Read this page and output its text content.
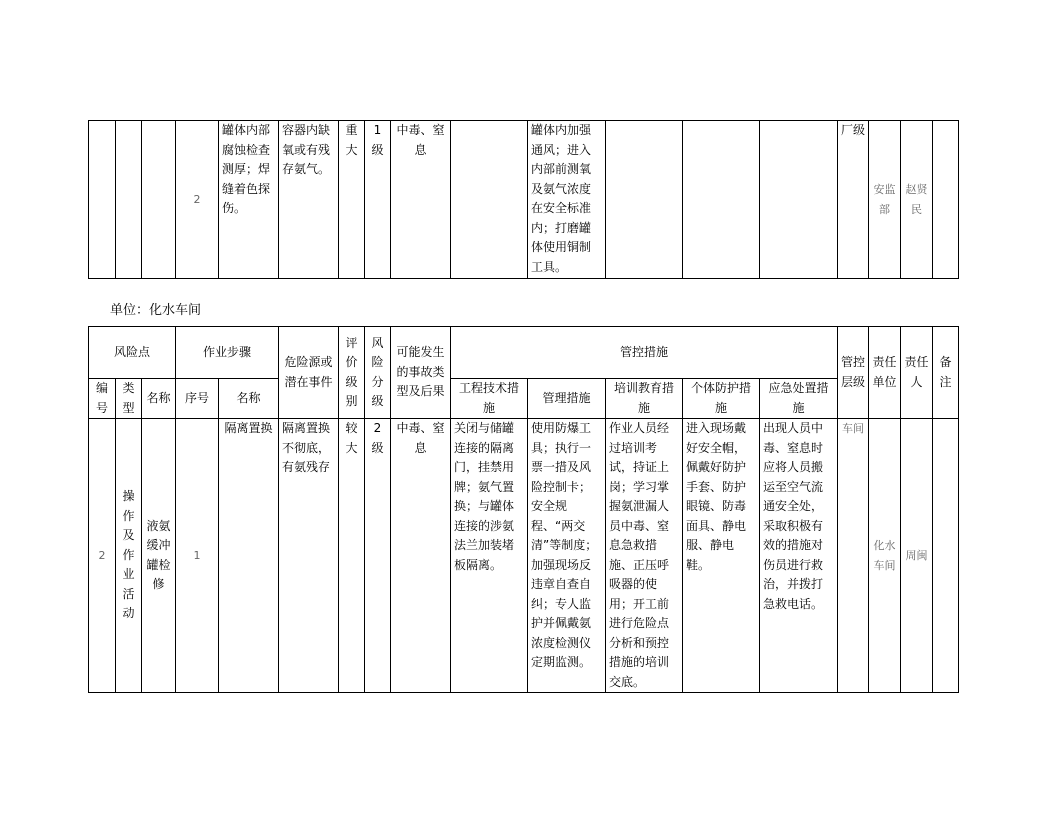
			2	罐体内部腐蚀检查测厚；焊缝着色探伤。	容器内缺氧或有残存氨气。	重大	1级	中毒、窒息		罐体内加强通风；进入内部前测氧及氨气浓度在安全标准内；打磨罐体使用铜制工具。				厂级	安监部	赵贤民	
单位：化水车间
风险点			作业步骤		危险源或潜在事件	评价级别	风险分级	可能发生的事故类型及后果	管控措施					管控层级	责任单位	责任人	备注
编号	类型	名称	序号	名称					工程技术措施	管理措施	培训教育措施	个体防护措施	应急处置措施				
2	操作及作业活动	液氨缓冲罐检修	1	隔离置换	隔离置换不彻底，有氨残存	较大	2级	中毒、窒息	关闭与储罐连接的隔离门，挂禁用牌；氨气置换；与罐体连接的涉氨法兰加装堵板隔离。	使用防爆工具；执行一票一措及风险控制卡；安全规程、“两交清”等制度；加强现场反违章自查自纠；专人监护并佩戴氨浓度检测仪定期监测。	作业人员经过培训考试，持证上岗；学习掌握氨泄漏人员中毒、窒息急救措施、正压呼吸器的使用；开工前进行危险点分析和预控措施的培训交底。	进入现场戴好安全帽，佩戴好防护手套、防护眼镜、防毒面具、静电服、静电鞋。	出现人员中毒、窒息时应将人员搬运至空气流通安全处，采取积极有效的措施对伤员进行救治，并拨打急救电话。	车间	化水车间	周闽	
